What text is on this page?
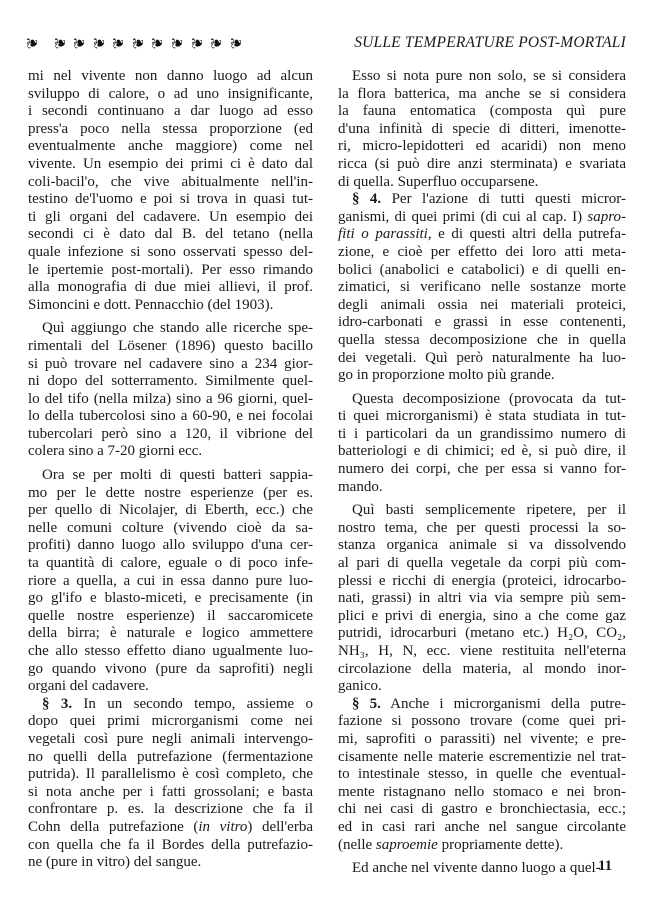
❦ ❦ ❦ ❦ ❦ ❦ ❦ ❦ ❦ ❦ ❦	SULLE TEMPERATURE POST-MORTALI
mi nel vivente non danno luogo ad alcun
sviluppo di calore, o ad uno insignificante,
i secondi continuano a dar luogo ad esso
press'a poco nella stessa proporzione (ed
eventualmente anche maggiore) come nel
vivente. Un esempio dei primi ci è dato dal
coli-bacil'o, che vive abitualmente nell'in-
testino de'l'uomo e poi si trova in quasi tut-
ti gli organi del cadavere. Un esempio dei
secondi ci è dato dal B. del tetano (nella
quale infezione si sono osservati spesso del-
le ipertemie post-mortali). Per esso rimando
alla monografia di due miei allievi, il prof.
Simoncini e dott. Pennacchio (del 1903).
Quì aggiungo che stando alle ricerche spe-
rimentali del Lösener (1896) questo bacillo
si può trovare nel cadavere sino a 234 gior-
ni dopo del sotterramento. Similmente quel-
lo del tifo (nella milza) sino a 96 giorni, quel-
lo della tubercolosi sino a 60-90, e nei focolai
tubercolari però sino a 120, il vibrione del
colera sino a 7-20 giorni ecc.
Ora se per molti di questi batteri sappia-
mo per le dette nostre esperienze (per es.
per quello di Nicolajer, di Eberth, ecc.) che
nelle comuni colture (vivendo cioè da sa-
profiti) danno luogo allo sviluppo d'una cer-
ta quantità di calore, eguale o di poco infe-
riore a quella, a cui in essa danno pure luo-
go gl'ifo e blasto-miceti, e precisamente (in
quelle nostre esperienze) il saccaromicete
della birra; è naturale e logico ammettere
che allo stesso effetto diano ugualmente luo-
go quando vivono (pure da saprofiti) negli
organi del cadavere.
§ 3. In un secondo tempo, assieme o
dopo quei primi microrganismi come nei
vegetali così pure negli animali intervengo-
no quelli della putrefazione (fermentazione
putrida). Il parallelismo è così completo, che
si nota anche per i fatti grossolani; e basta
confrontare p. es. la descrizione che fa il
Cohn della putrefazione (in vitro) dell'erba
con quella che fa il Bordes della putrefazio-
ne (pure in vitro) del sangue.
Esso si nota pure non solo, se si considera
la flora batterica, ma anche se si considera
la fauna entomatica (composta quì pure
d'una infinità di specie di ditteri, imenotte-
ri, micro-lepidotteri ed acaridi) non meno
ricca (si può dire anzi sterminata) e svariata
di quella. Superfluo occuparsene.
§ 4. Per l'azione di tutti questi micror-
ganismi, di quei primi (di cui al cap. I) sapro-
fiti o parassiti, e di questi altri della putrefa-
zione, e cioè per effetto dei loro atti meta-
bolici (anabolici e catabolici) e di quelli en-
zimatici, si verificano nelle sostanze morte
degli animali ossia nei materiali proteici,
idro-carbonati e grassi in esse contenenti,
quella stessa decomposizione che in quella
dei vegetali. Quì però naturalmente ha luo-
go in proporzione molto più grande.
Questa decomposizione (provocata da tut-
ti quei microrganismi) è stata studiata in tut-
ti i particolari da un grandissimo numero di
batteriologi e di chimici; ed è, si può dire, il
numero dei corpi, che per essa si vanno for-
mando.
Quì basti semplicemente ripetere, per il
nostro tema, che per questi processi la so-
stanza organica animale si va dissolvendo
al pari di quella vegetale da corpi più com-
plessi e ricchi di energia (proteici, idrocarbo-
nati, grassi) in altri via via sempre più sem-
plici e privi di energia, sino a che come gaz
putridi, idrocarburi (metano etc.) H₂O, CO₂,
NH₃, H, N, ecc. viene restituita nell'eterna
circolazione della materia, al mondo inor-
ganico.
§ 5. Anche i microrganismi della putre-
fazione si possono trovare (come quei pri-
mi, saprofiti o parassiti) nel vivente; e pre-
cisamente nelle materie escrementizie nel trat-
to intestinale stesso, in quelle che eventual-
mente ristagnano nello stomaco e nei bron-
chi nei casi di gastro e bronchiectasia, ecc.;
ed in casi rari anche nel sangue circolante
(nelle saproemie propriamente dette).
Ed anche nel vivente danno luogo a quel-
11
